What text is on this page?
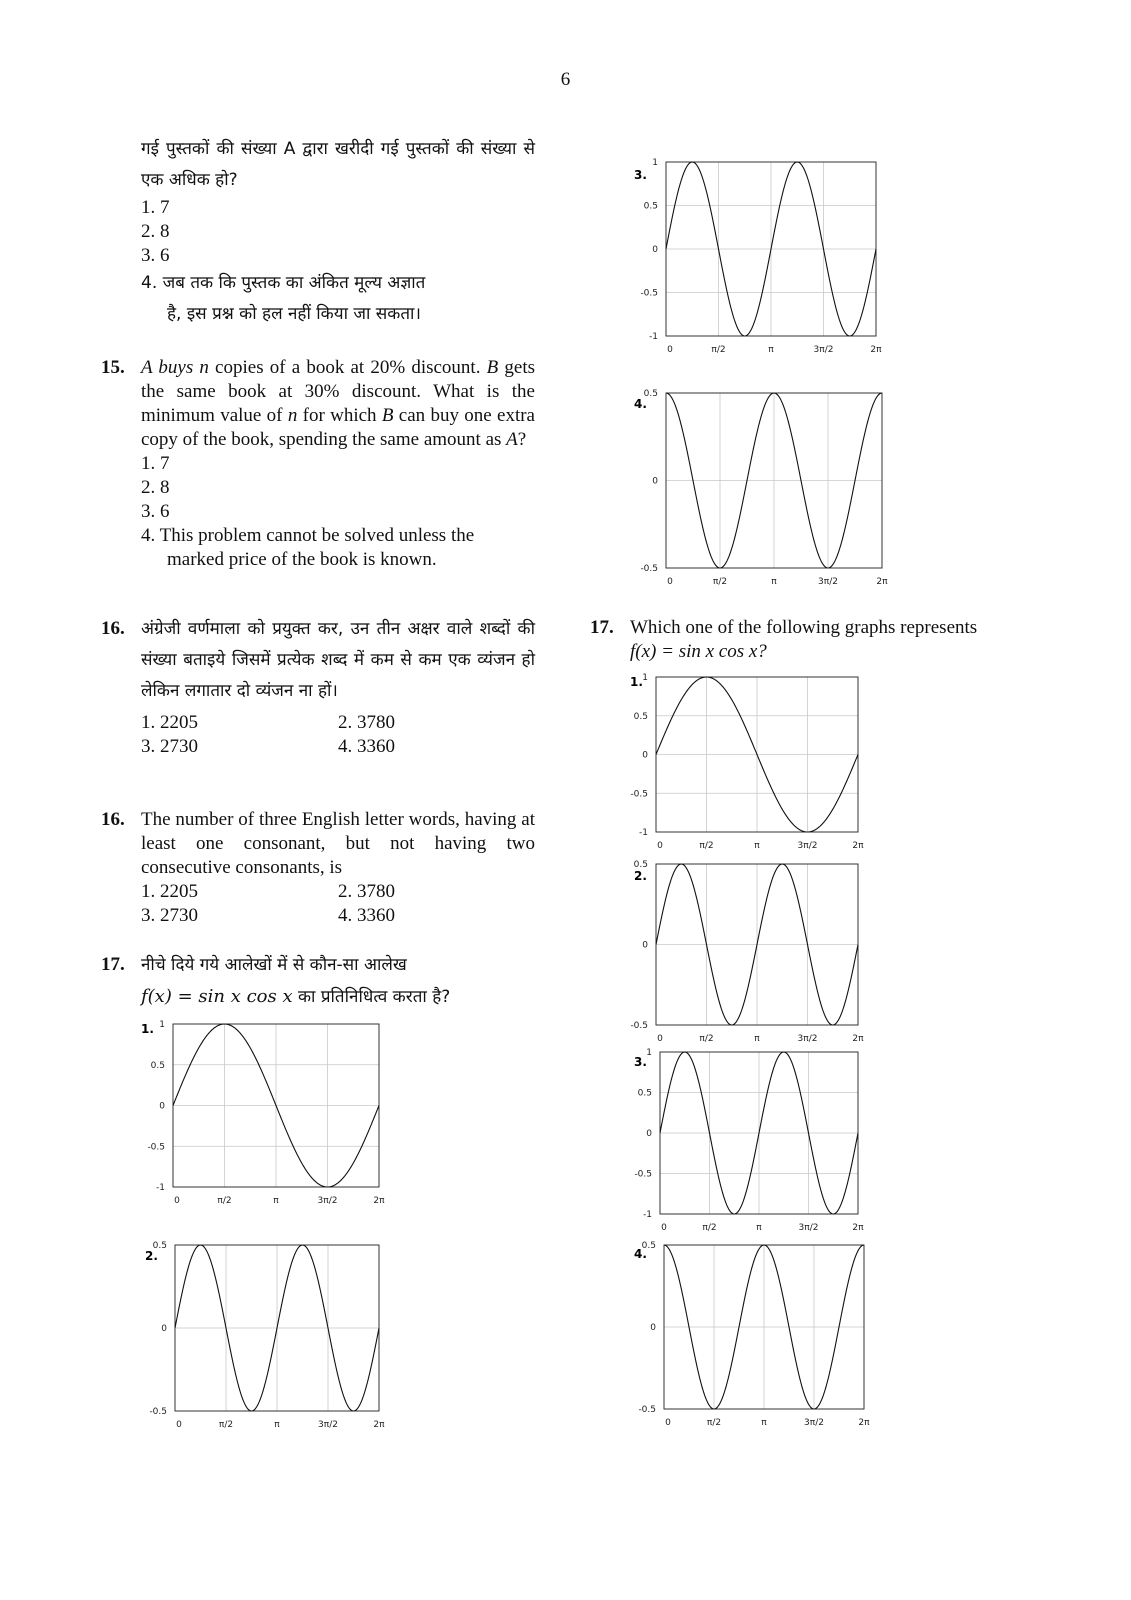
6
गई पुस्तकों की संख्या A द्वारा खरीदी गई पुस्तकों की संख्या से एक अधिक हो?
1. 7
2. 8
3. 6
4. जब तक कि पुस्तक का अंकित मूल्य अज्ञात
है, इस प्रश्न को हल नहीं किया जा सकता।
15. A buys n copies of a book at 20% discount. B gets the same book at 30% discount. What is the minimum value of n for which B can buy one extra copy of the book, spending the same amount as A?
1. 7
2. 8
3. 6
4. This problem cannot be solved unless the
marked price of the book is known.
16. अंग्रेजी वर्णमाला को प्रयुक्त कर, उन तीन अक्षर वाले शब्दों की संख्या बताइये जिसमें प्रत्येक शब्द में कम से कम एक व्यंजन हो लेकिन लगातार दो व्यंजन ना हों।
1. 2205	2. 3780
3. 2730	4. 3360
16. The number of three English letter words, having at least one consonant, but not having two consecutive consonants, is
1. 2205	2. 3780
3. 2730	4. 3360
17. नीचे दिये गये आलेखों में से कौन-सा आलेख
f(x) = sin x cos x का प्रतिनिधित्व करता है?
17. Which one of the following graphs represents
f(x) = sin x cos x?
1
0.5
0
-0.5
-1
0	π/2	π	3π/2	2π
3.
0.5
0
-0.5
0	π/2	π	3π/2	2π
4.
1
0.5
0
-0.5
-1
0	π/2	π	3π/2	2π
1.
0.5
0
-0.5
0	π/2	π	3π/2	2π
2.
1
0.5
0
-0.5
-1
0	π/2	π	3π/2	2π
3.
0.5
0
-0.5
0	π/2	π	3π/2	2π
4.
1
0.5
0
-0.5
-1
0	π/2	π	3π/2	2π
1.
0.5
0
-0.5
0	π/2	π	3π/2	2π
2.
